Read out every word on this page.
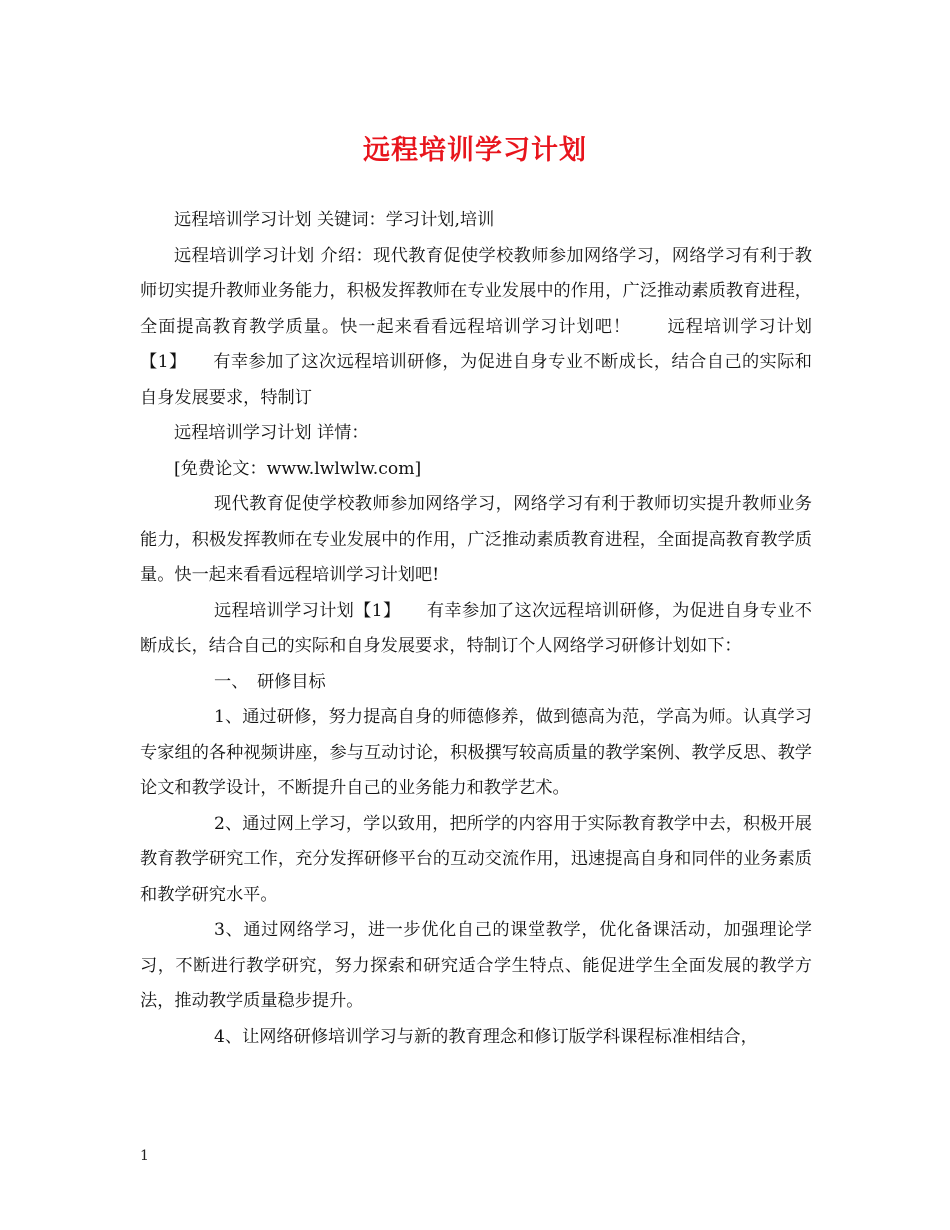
远程培训学习计划

远程培训学习计划 关键词：学习计划,培训

远程培训学习计划 介绍：现代教育促使学校教师参加网络学习，网络学习有利于教师切实提升教师业务能力，积极发挥教师在专业发展中的作用，广泛推动素质教育进程，全面提高教育教学质量。快一起来看看远程培训学习计划吧！　　远程培训学习计划【1】　　有幸参加了这次远程培训研修，为促进自身专业不断成长，结合自己的实际和自身发展要求，特制订

远程培训学习计划 详情：

[免费论文：www.lwlwlw.com]

现代教育促使学校教师参加网络学习，网络学习有利于教师切实提升教师业务能力，积极发挥教师在专业发展中的作用，广泛推动素质教育进程，全面提高教育教学质量。快一起来看看远程培训学习计划吧!

远程培训学习计划【1】　　有幸参加了这次远程培训研修，为促进自身专业不断成长，结合自己的实际和自身发展要求，特制订个人网络学习研修计划如下：

一、　研修目标

1、通过研修，努力提高自身的师德修养，做到德高为范，学高为师。认真学习专家组的各种视频讲座，参与互动讨论，积极撰写较高质量的教学案例、教学反思、教学论文和教学设计，不断提升自己的业务能力和教学艺术。

2、通过网上学习，学以致用，把所学的内容用于实际教育教学中去，积极开展教育教学研究工作，充分发挥研修平台的互动交流作用，迅速提高自身和同伴的业务素质和教学研究水平。

3、通过网络学习，进一步优化自己的课堂教学，优化备课活动，加强理论学习，不断进行教学研究，努力探索和研究适合学生特点、能促进学生全面发展的教学方法，推动教学质量稳步提升。

4、让网络研修培训学习与新的教育理念和修订版学科课程标准相结合，

1
